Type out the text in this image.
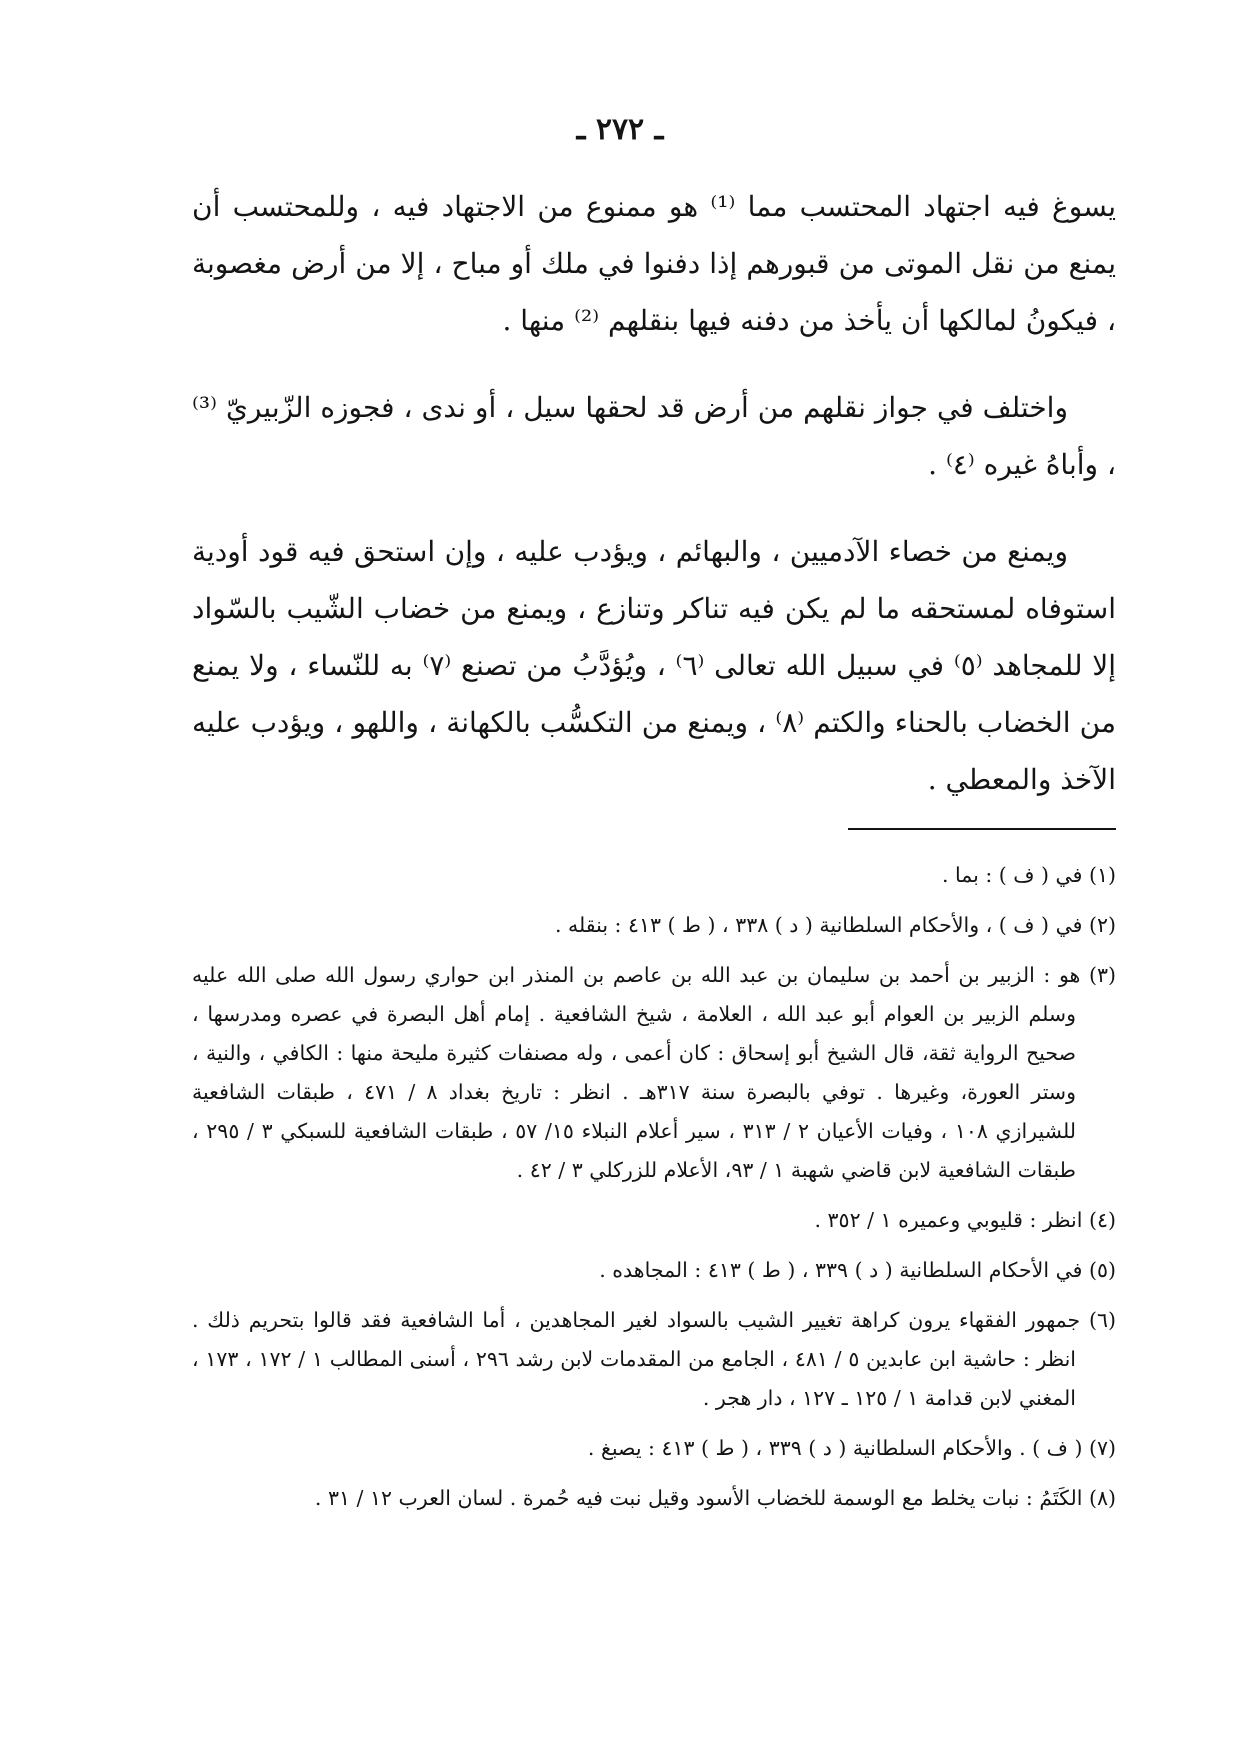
ـ ٢٧٢ ـ

يسوغ فيه اجتهاد المحتسب مما ⁽¹⁾ هو ممنوع من الاجتهاد فيه ، وللمحتسب أن يمنع من نقل الموتى من قبورهم إذا دفنوا في ملك أو مباح ، إلا من أرض مغصوبة ، فيكونُ لمالكها أن يأخذ من دفنه فيها بنقلهم ⁽²⁾ منها .

واختلف في جواز نقلهم من أرض قد لحقها سيل ، أو ندى ، فجوزه الزّبيريّ ⁽³⁾ ، وأباهُ غيره ⁽٤⁾ .

ويمنع من خصاء الآدميين ، والبهائم ، ويؤدب عليه ، وإن استحق فيه قود أودية استوفاه لمستحقه ما لم يكن فيه تناكر وتنازع ، ويمنع من خضاب الشّيب بالسّواد إلا للمجاهد ⁽٥⁾ في سبيل الله تعالى ⁽٦⁾ ، ويُؤدَّبُ من تصنع ⁽٧⁾ به للنّساء ، ولا يمنع من الخضاب بالحناء والكتم ⁽٨⁾ ، ويمنع من التكسُّب بالكهانة ، واللهو ، ويؤدب عليه الآخذ والمعطي .

(١) في ( ف ) : بما .
(٢) في ( ف ) ، والأحكام السلطانية ( د ) ٣٣٨ ، ( ط ) ٤١٣ : بنقله .
(٣) هو : الزبير بن أحمد بن سليمان بن عبد الله بن عاصم بن المنذر ابن حواري رسول الله صلى الله عليه وسلم الزبير بن العوام أبو عبد الله ، العلامة ، شيخ الشافعية . إمام أهل البصرة في عصره ومدرسها ، صحيح الرواية ثقة، قال الشيخ أبو إسحاق : كان أعمى ، وله مصنفات كثيرة مليحة منها : الكافي ، والنية ، وستر العورة، وغيرها . توفي بالبصرة سنة ٣١٧هـ . انظر : تاريخ بغداد ٨ / ٤٧١ ، طبقات الشافعية للشيرازي ١٠٨ ، وفيات الأعيان ٢ / ٣١٣ ، سير أعلام النبلاء ١٥/ ٥٧ ، طبقات الشافعية للسبكي ٣ / ٢٩٥ ، طبقات الشافعية لابن قاضي شهبة ١ / ٩٣، الأعلام للزركلي ٣ / ٤٢ .
(٤) انظر : قليوبي وعميره ١ / ٣٥٢ .
(٥) في الأحكام السلطانية ( د ) ٣٣٩ ، ( ط ) ٤١٣ : المجاهده .
(٦) جمهور الفقهاء يرون كراهة تغيير الشيب بالسواد لغير المجاهدين ، أما الشافعية فقد قالوا بتحريم ذلك . انظر : حاشية ابن عابدين ٥ / ٤٨١ ، الجامع من المقدمات لابن رشد ٢٩٦ ، أسنى المطالب ١ / ١٧٢ ، ١٧٣ ، المغني لابن قدامة ١ / ١٢٥ ـ ١٢٧ ، دار هجر .
(٧) ( ف ) . والأحكام السلطانية ( د ) ٣٣٩ ، ( ط ) ٤١٣ : يصبغ .
(٨) الكَتَمُ : نبات يخلط مع الوسمة للخضاب الأسود وقيل نبت فيه حُمرة . لسان العرب ١٢ / ٣١ .
